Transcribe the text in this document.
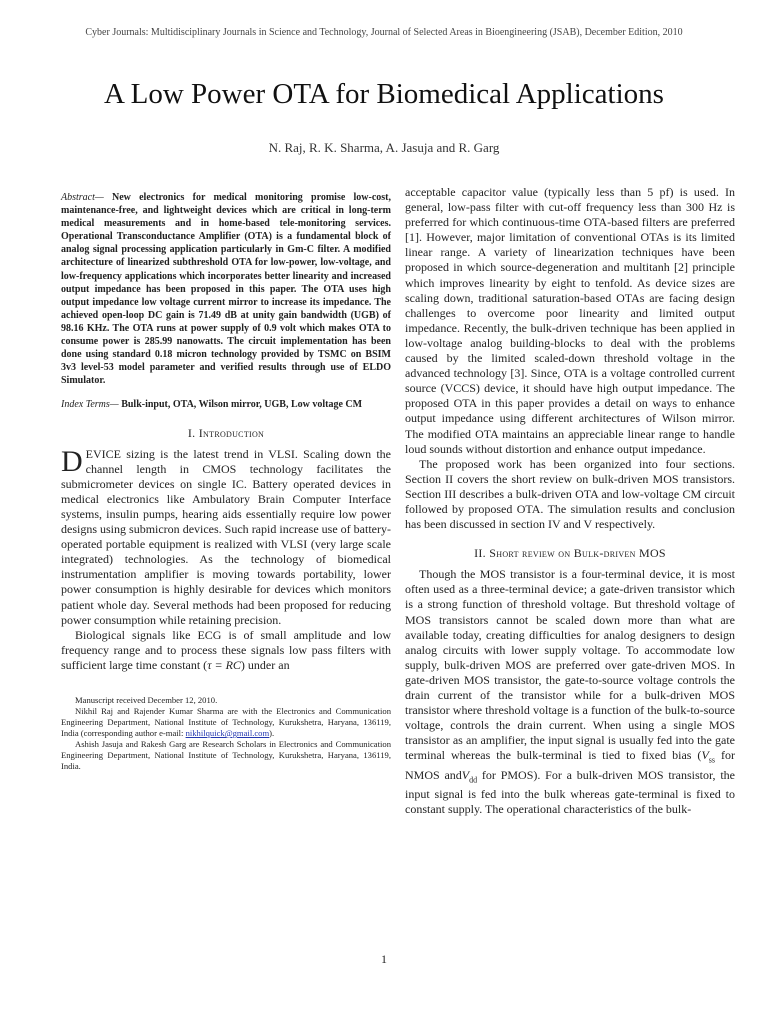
Cyber Journals: Multidisciplinary Journals in Science and Technology, Journal of Selected Areas in Bioengineering (JSAB), December Edition, 2010
A Low Power OTA for Biomedical Applications
N. Raj, R. K. Sharma, A. Jasuja and R. Garg

Abstract— New electronics for medical monitoring promise low-cost, maintenance-free, and lightweight devices which are critical in long-term medical measurements and in home-based tele-monitoring services. Operational Transconductance Amplifier (OTA) is a fundamental block of analog signal processing application particularly in Gm-C filter. A modified architecture of linearized subthreshold OTA for low-power, low-voltage, and low-frequency applications which incorporates better linearity and increased output impedance has been proposed in this paper. The OTA uses high output impedance low voltage current mirror to increase its impedance. The achieved open-loop DC gain is 71.49 dB at unity gain bandwidth (UGB) of 98.16 KHz. The OTA runs at power supply of 0.9 volt which makes OTA to consume power is 285.99 nanowatts. The circuit implementation has been done using standard 0.18 micron technology provided by TSMC on BSIM 3v3 level-53 model parameter and verified results through use of ELDO Simulator.

Index Terms— Bulk-input, OTA, Wilson mirror, UGB, Low voltage CM

I. Introduction

DEVICE sizing is the latest trend in VLSI. Scaling down the channel length in CMOS technology facilitates the submicrometer devices on single IC. Battery operated devices in medical electronics like Ambulatory Brain Computer Interface systems, insulin pumps, hearing aids essentially require low power designs using submicron devices. Such rapid increase use of battery-operated portable equipment is realized with VLSI (very large scale integrated) technologies. As the technology of biomedical instrumentation amplifier is moving towards portability, lower power consumption is highly desirable for devices which monitors patient whole day. Several methods had been proposed for reducing power consumption while retaining precision.

Biological signals like ECG is of small amplitude and low frequency range and to process these signals low pass filters with sufficient large time constant (τ = RC) under an

Manuscript received December 12, 2010.

Nikhil Raj and Rajender Kumar Sharma are with the Electronics and Communication Engineering Department, National Institute of Technology, Kurukshetra, Haryana, 136119, India (corresponding author e-mail: nikhilquick@gmail.com).

Ashish Jasuja and Rakesh Garg are Research Scholars in Electronics and Communication Engineering Department, National Institute of Technology, Kurukshetra, Haryana, 136119, India.

acceptable capacitor value (typically less than 5 pf) is used. In general, low-pass filter with cut-off frequency less than 300 Hz is preferred for which continuous-time OTA-based filters are preferred [1]. However, major limitation of conventional OTAs is its limited linear range. A variety of linearization techniques have been proposed in which source-degeneration and multitanh [2] principle which improves linearity by eight to tenfold. As device sizes are scaling down, traditional saturation-based OTAs are facing design challenges to overcome poor linearity and limited output impedance. Recently, the bulk-driven technique has been applied in low-voltage analog building-blocks to deal with the problems caused by the limited scaled-down threshold voltage in the advanced technology [3]. Since, OTA is a voltage controlled current source (VCCS) device, it should have high output impedance. The proposed OTA in this paper provides a detail on ways to enhance output impedance using different architectures of Wilson mirror. The modified OTA maintains an appreciable linear range to handle loud sounds without distortion and enhance output impedance.

The proposed work has been organized into four sections. Section II covers the short review on bulk-driven MOS transistors. Section III describes a bulk-driven OTA and low-voltage CM circuit followed by proposed OTA. The simulation results and conclusion has been discussed in section IV and V respectively.

II. Short review on Bulk-driven MOS

Though the MOS transistor is a four-terminal device, it is most often used as a three-terminal device; a gate-driven transistor which is a strong function of threshold voltage. But threshold voltage of MOS transistors cannot be scaled down more than what are available today, creating difficulties for analog designers to design analog circuits with lower supply voltage. To accommodate low supply, bulk-driven MOS are preferred over gate-driven MOS. In gate-driven MOS transistor, the gate-to-source voltage controls the drain current of the transistor while for a bulk-driven MOS transistor where threshold voltage is a function of the bulk-to-source voltage, controls the drain current. When using a single MOS transistor as an amplifier, the input signal is usually fed into the gate terminal whereas the bulk-terminal is tied to fixed bias ($V_{ss}$ for NMOS andV$_{dd}$ for PMOS). For a bulk-driven MOS transistor, the input signal is fed into the bulk whereas gate-terminal is fixed to constant supply. The operational characteristics of the bulk-

1
